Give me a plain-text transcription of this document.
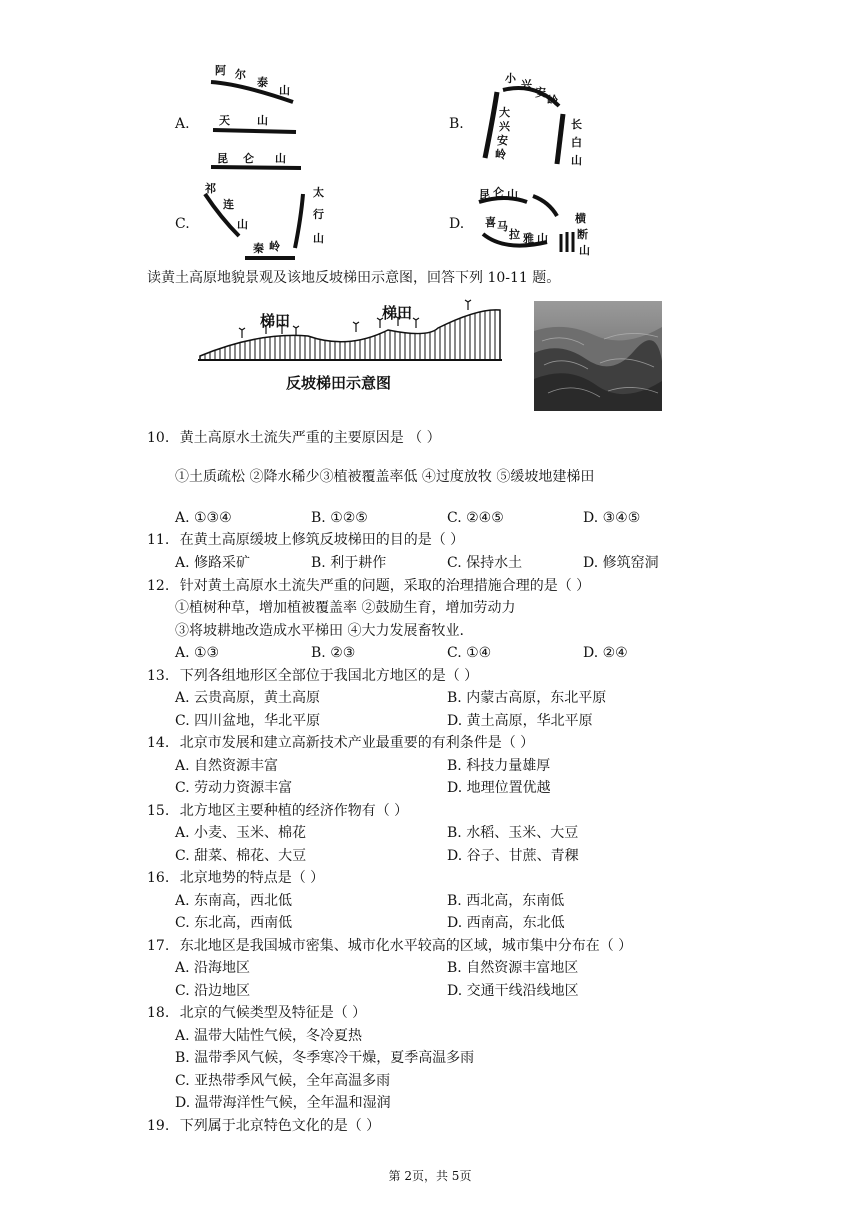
A.
阿 尔
泰
山
天 山
昆 仑 山
B.
小 兴
安
岭
大
兴
安
岭
长
白
山
C.
祁
连
山
太
行
山
秦 岭
D.
昆 仑 山
喜 马
拉 雅 山
横
断
山
读黄土高原地貌景观及该地反坡梯田示意图，回答下列 10-11 题。
梯田	梯田
反坡梯田示意图
10. 黄土高原水土流失严重的主要原因是 （ ）
①土质疏松 ②降水稀少③植被覆盖率低 ④过度放牧 ⑤缓坡地建梯田
A. ①③④	B. ①②⑤	C. ②④⑤	D. ③④⑤
11. 在黄土高原缓坡上修筑反坡梯田的目的是（ ）
A. 修路采矿	B. 利于耕作	C. 保持水土	D. 修筑窑洞
12. 针对黄土高原水土流失严重的问题，采取的治理措施合理的是（ ）
①植树种草，增加植被覆盖率 ②鼓励生育，增加劳动力
③将坡耕地改造成水平梯田 ④大力发展畜牧业.
A. ①③	B. ②③	C. ①④	D. ②④
13. 下列各组地形区全部位于我国北方地区的是（ ）
A. 云贵高原，黄土高原	B. 内蒙古高原，东北平原
C. 四川盆地，华北平原	D. 黄土高原，华北平原
14. 北京市发展和建立高新技术产业最重要的有利条件是（ ）
A. 自然资源丰富	B. 科技力量雄厚
C. 劳动力资源丰富	D. 地理位置优越
15. 北方地区主要种植的经济作物有（ ）
A. 小麦、玉米、棉花	B. 水稻、玉米、大豆
C. 甜菜、棉花、大豆	D. 谷子、甘蔗、青稞
16. 北京地势的特点是（ ）
A. 东南高，西北低	B. 西北高，东南低
C. 东北高，西南低	D. 西南高，东北低
17. 东北地区是我国城市密集、城市化水平较高的区域，城市集中分布在（ ）
A. 沿海地区	B. 自然资源丰富地区
C. 沿边地区	D. 交通干线沿线地区
18. 北京的气候类型及特征是（ ）
A. 温带大陆性气候，冬冷夏热
B. 温带季风气候，冬季寒冷干燥，夏季高温多雨
C. 亚热带季风气候，全年高温多雨
D. 温带海洋性气候，全年温和湿润
19. 下列属于北京特色文化的是（ ）
第 2页，共 5页
